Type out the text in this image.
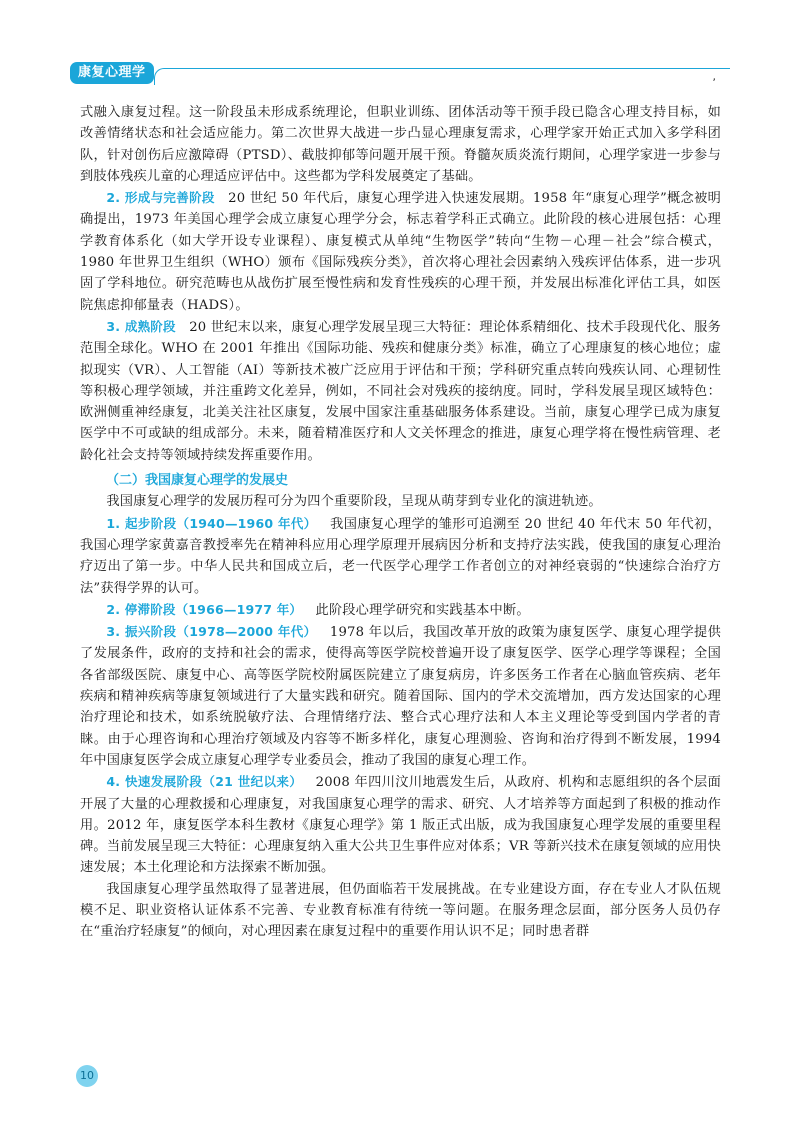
康复心理学	,

式融入康复过程。这一阶段虽未形成系统理论，但职业训练、团体活动等干预手段已隐含心理支持目标，如改善情绪状态和社会适应能力。第二次世界大战进一步凸显心理康复需求，心理学家开始正式加入多学科团队，针对创伤后应激障碍（PTSD）、截肢抑郁等问题开展干预。脊髓灰质炎流行期间，心理学家进一步参与到肢体残疾儿童的心理适应评估中。这些都为学科发展奠定了基础。

2. 形成与完善阶段  20 世纪 50 年代后，康复心理学进入快速发展期。1958 年“康复心理学”概念被明确提出，1973 年美国心理学会成立康复心理学分会，标志着学科正式确立。此阶段的核心进展包括：心理学教育体系化（如大学开设专业课程）、康复模式从单纯“生物医学”转向“生物－心理－社会”综合模式，1980 年世界卫生组织（WHO）颁布《国际残疾分类》，首次将心理社会因素纳入残疾评估体系，进一步巩固了学科地位。研究范畴也从战伤扩展至慢性病和发育性残疾的心理干预，并发展出标准化评估工具，如医院焦虑抑郁量表（HADS）。

3. 成熟阶段  20 世纪末以来，康复心理学发展呈现三大特征：理论体系精细化、技术手段现代化、服务范围全球化。WHO 在 2001 年推出《国际功能、残疾和健康分类》标准，确立了心理康复的核心地位；虚拟现实（VR）、人工智能（AI）等新技术被广泛应用于评估和干预；学科研究重点转向残疾认同、心理韧性等积极心理学领域，并注重跨文化差异，例如，不同社会对残疾的接纳度。同时，学科发展呈现区域特色：欧洲侧重神经康复，北美关注社区康复，发展中国家注重基础服务体系建设。当前，康复心理学已成为康复医学中不可或缺的组成部分。未来，随着精准医疗和人文关怀理念的推进，康复心理学将在慢性病管理、老龄化社会支持等领域持续发挥重要作用。

（二）我国康复心理学的发展史

我国康复心理学的发展历程可分为四个重要阶段，呈现从萌芽到专业化的演进轨迹。

1. 起步阶段（1940—1960 年代）  我国康复心理学的雏形可追溯至 20 世纪 40 年代末 50 年代初，我国心理学家黄嘉音教授率先在精神科应用心理学原理开展病因分析和支持疗法实践，使我国的康复心理治疗迈出了第一步。中华人民共和国成立后，老一代医学心理学工作者创立的对神经衰弱的“快速综合治疗方法”获得学界的认可。

2. 停滞阶段（1966—1977 年）  此阶段心理学研究和实践基本中断。

3. 振兴阶段（1978—2000 年代）  1978 年以后，我国改革开放的政策为康复医学、康复心理学提供了发展条件，政府的支持和社会的需求，使得高等医学院校普遍开设了康复医学、医学心理学等课程；全国各省部级医院、康复中心、高等医学院校附属医院建立了康复病房，许多医务工作者在心脑血管疾病、老年疾病和精神疾病等康复领域进行了大量实践和研究。随着国际、国内的学术交流增加，西方发达国家的心理治疗理论和技术，如系统脱敏疗法、合理情绪疗法、整合式心理疗法和人本主义理论等受到国内学者的青睐。由于心理咨询和心理治疗领域及内容等不断多样化，康复心理测验、咨询和治疗得到不断发展，1994 年中国康复医学会成立康复心理学专业委员会，推动了我国的康复心理工作。

4. 快速发展阶段（21 世纪以来）  2008 年四川汶川地震发生后，从政府、机构和志愿组织的各个层面开展了大量的心理救援和心理康复，对我国康复心理学的需求、研究、人才培养等方面起到了积极的推动作用。2012 年，康复医学本科生教材《康复心理学》第 1 版正式出版，成为我国康复心理学发展的重要里程碑。当前发展呈现三大特征：心理康复纳入重大公共卫生事件应对体系；VR 等新兴技术在康复领域的应用快速发展；本土化理论和方法探索不断加强。

我国康复心理学虽然取得了显著进展，但仍面临若干发展挑战。在专业建设方面，存在专业人才队伍规模不足、职业资格认证体系不完善、专业教育标准有待统一等问题。在服务理念层面，部分医务人员仍存在“重治疗轻康复”的倾向，对心理因素在康复过程中的重要作用认识不足；同时患者群

10
